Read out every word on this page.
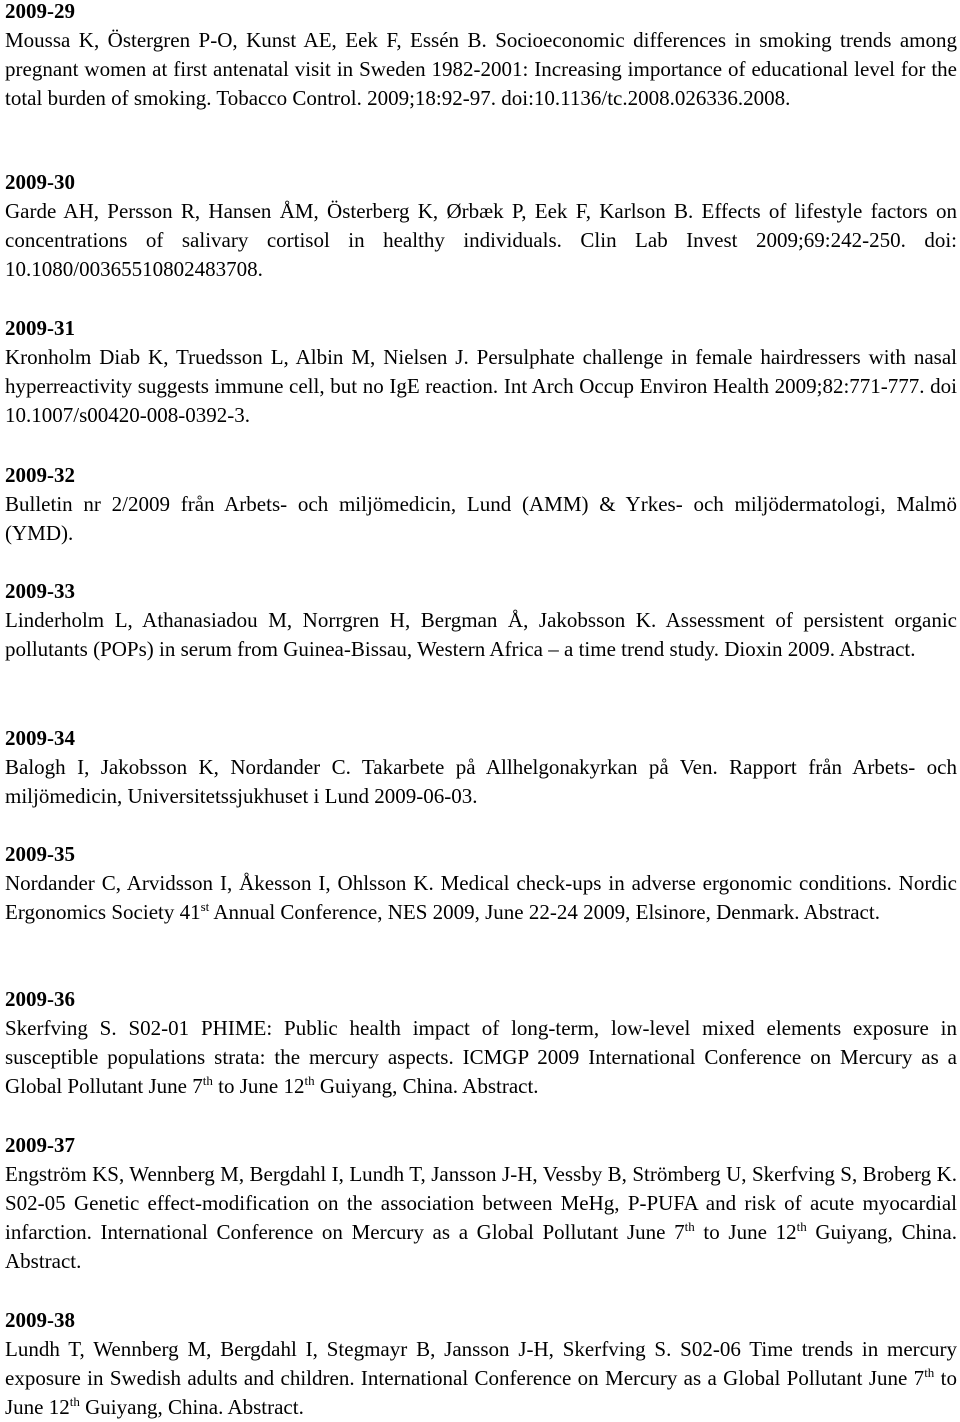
2009-29
Moussa K, Östergren P-O, Kunst AE, Eek F, Essén B. Socioeconomic differences in smoking trends among pregnant women at first antenatal visit in Sweden 1982-2001: Increasing importance of educational level for the total burden of smoking. Tobacco Control. 2009;18:92-97. doi:10.1136/tc.2008.026336.2008.
2009-30
Garde AH, Persson R, Hansen ÅM, Österberg K, Ørbæk P, Eek F, Karlson B. Effects of lifestyle factors on concentrations of salivary cortisol in healthy individuals. Clin Lab Invest 2009;69:242-250. doi: 10.1080/00365510802483708.
2009-31
Kronholm Diab K, Truedsson L, Albin M, Nielsen J. Persulphate challenge in female hairdressers with nasal hyperreactivity suggests immune cell, but no IgE reaction. Int Arch Occup Environ Health 2009;82:771-777. doi 10.1007/s00420-008-0392-3.
2009-32
Bulletin nr 2/2009 från Arbets- och miljömedicin, Lund (AMM) & Yrkes- och miljödermatologi, Malmö (YMD).
2009-33
Linderholm L, Athanasiadou M, Norrgren H, Bergman Å, Jakobsson K. Assessment of persistent organic pollutants (POPs) in serum from Guinea-Bissau, Western Africa – a time trend study. Dioxin 2009. Abstract.
2009-34
Balogh I, Jakobsson K, Nordander C. Takarbete på Allhelgonakyrkan på Ven. Rapport från Arbets- och miljömedicin, Universitetssjukhuset i Lund 2009-06-03.
2009-35
Nordander C, Arvidsson I, Åkesson I, Ohlsson K. Medical check-ups in adverse ergonomic conditions. Nordic Ergonomics Society 41st Annual Conference, NES 2009, June 22-24 2009, Elsinore, Denmark. Abstract.
2009-36
Skerfving S. S02-01 PHIME: Public health impact of long-term, low-level mixed elements exposure in susceptible populations strata: the mercury aspects. ICMGP 2009 International Conference on Mercury as a Global Pollutant June 7th to June 12th Guiyang, China. Abstract.
2009-37
Engström KS, Wennberg M, Bergdahl I, Lundh T, Jansson J-H, Vessby B, Strömberg U, Skerfving S, Broberg K. S02-05 Genetic effect-modification on the association between MeHg, P-PUFA and risk of acute myocardial infarction. International Conference on Mercury as a Global Pollutant June 7th to June 12th Guiyang, China. Abstract.
2009-38
Lundh T, Wennberg M, Bergdahl I, Stegmayr B, Jansson J-H, Skerfving S. S02-06 Time trends in mercury exposure in Swedish adults and children. International Conference on Mercury as a Global Pollutant June 7th to June 12th Guiyang, China. Abstract.
